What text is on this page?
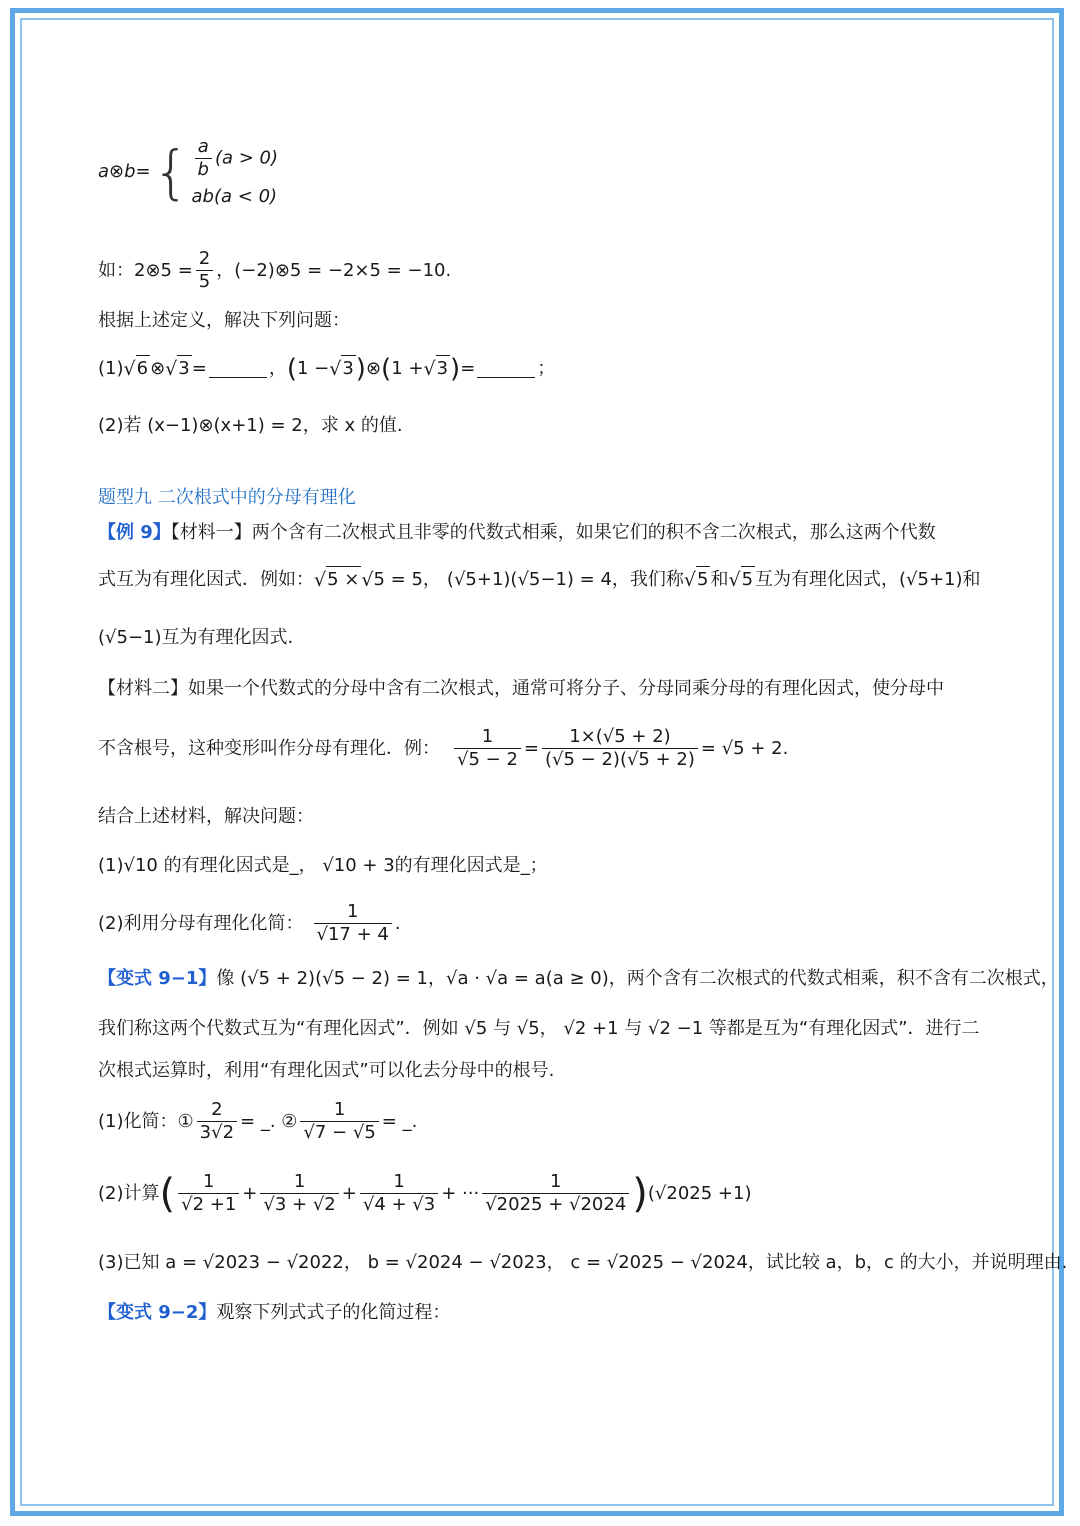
a⊗b= { $\frac{a}{b} (a > 0)$
ab(a < 0)
如： 2⊗5 = $\frac{2}{5}$ ，(−2)⊗5 = −2×5 = −10.
根据上述定义，解决下列问题：
(1) √ 6 ⊗ √ 3 =	， ( 1 − √ 3 ) ⊗ ( 1 + √ 3 ) =	；
(2)若 (x−1)⊗(x+1) = 2，求 x 的值.
题型九 二次根式中的分母有理化
【例 9】【材料一】两个含有二次根式且非零的代数式相乘，如果它们的积不含二次根式，那么这两个代数
式互为有理化因式．例如： √ 5 × √ 5 = 5， (√5+1)(√5−1) = 4，我们称 √ 5 和 √ 5 互为有理化因式， (√5+1) 和
(√5−1)互为有理化因式.
【材料二】如果一个代数式的分母中含有二次根式，通常可将分子、分母同乘分母的有理化因式，使分母中
不含根号，这种变形叫作分母有理化．例： $\frac{1}{√5 - 2} = \frac{1\times(√5 + 2)}{(√5 - 2)(√5 + 2)} = √5 + 2$.
结合上述材料，解决问题：
(1)√10 的有理化因式是_， √10 + 3的有理化因式是_；
(2)利用分母有理化化简： $\frac{1}{√17 + 4}$ .
【变式 9−1】像 (√5 + 2)(√5 − 2) = 1，√a · √a = a(a ≥ 0)，两个含有二次根式的代数式相乘，积不含有二次根式，
我们称这两个代数式互为“有理化因式”．例如 √5 与 √5， √2 +1 与 √2 −1 等都是互为“有理化因式”．进行二
次根式运算时，利用“有理化因式”可以化去分母中的根号.
(1)化简：① $\frac{2}{3√2}$ = _. ② $\frac{1}{√7 - √5}$ = _.
(2)计算 ( $\frac{1}{√2 +1} + \frac{1}{√3 + √2} + \frac{1}{√4 + √3}$ + ··· $\frac{1}{√2025 + √2024}$ ) (√2025 +1)
(3)已知 a = √2023 − √2022， b = √2024 − √2023， c = √2025 − √2024，试比较 a，b，c 的大小，并说明理由.
【变式 9−2】观察下列式式子的化简过程：
